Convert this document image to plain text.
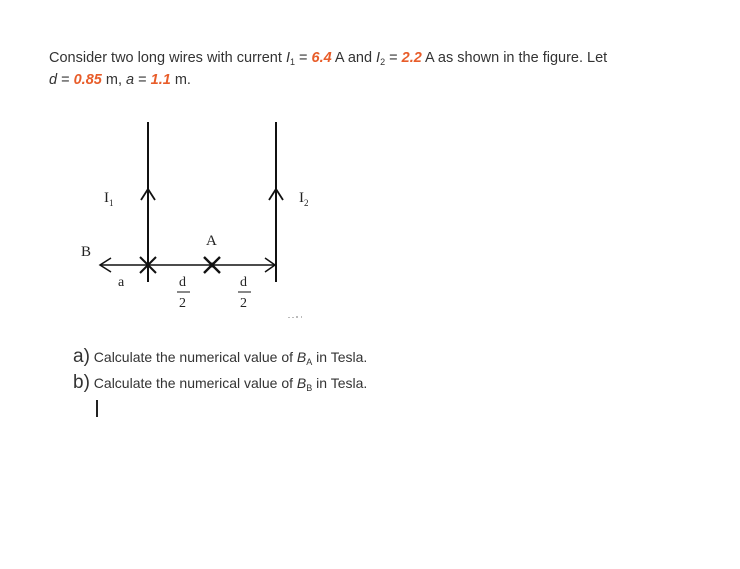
Consider two long wires with current $I_1 = 6.4$ A and $I_2 = 2.2$ A as shown in the figure. Let
d = 0.85 m, a = 1.1 m.
$I_1$	$I_2$
A
B
a	d
2
d
2
a) Calculate the numerical value of $B_A$ in Tesla.
b) Calculate the numerical value of $B_B$ in Tesla.
